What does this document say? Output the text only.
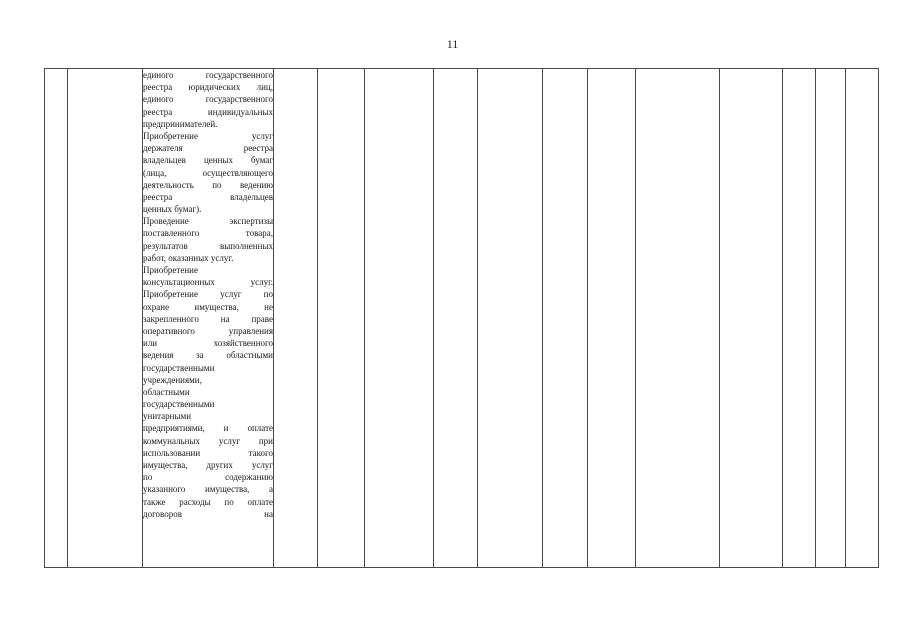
11

единого государственного
реестра юридических лиц,
единого государственного
реестра индивидуальных
предпринимателей.
Приобретение услуг
держателя реестра
владельцев ценных бумаг
(лица, осуществляющего
деятельность по ведению
реестра владельцев
ценных бумаг).
Проведение экспертизы
поставленного товара,
результатов выполненных
работ, оказанных услуг.
Приобретение
консультационных услуг.
Приобретение услуг по
охране имущества, не
закрепленного на праве
оперативного управления
или хозяйственного
ведения за областными
государственными
учреждениями,
областными
государственными
унитарными
предприятиями, и оплате
коммунальных услуг при
использовании такого
имущества, других услуг
по содержанию
указанного имущества, а
также расходы по оплате
договоров на
